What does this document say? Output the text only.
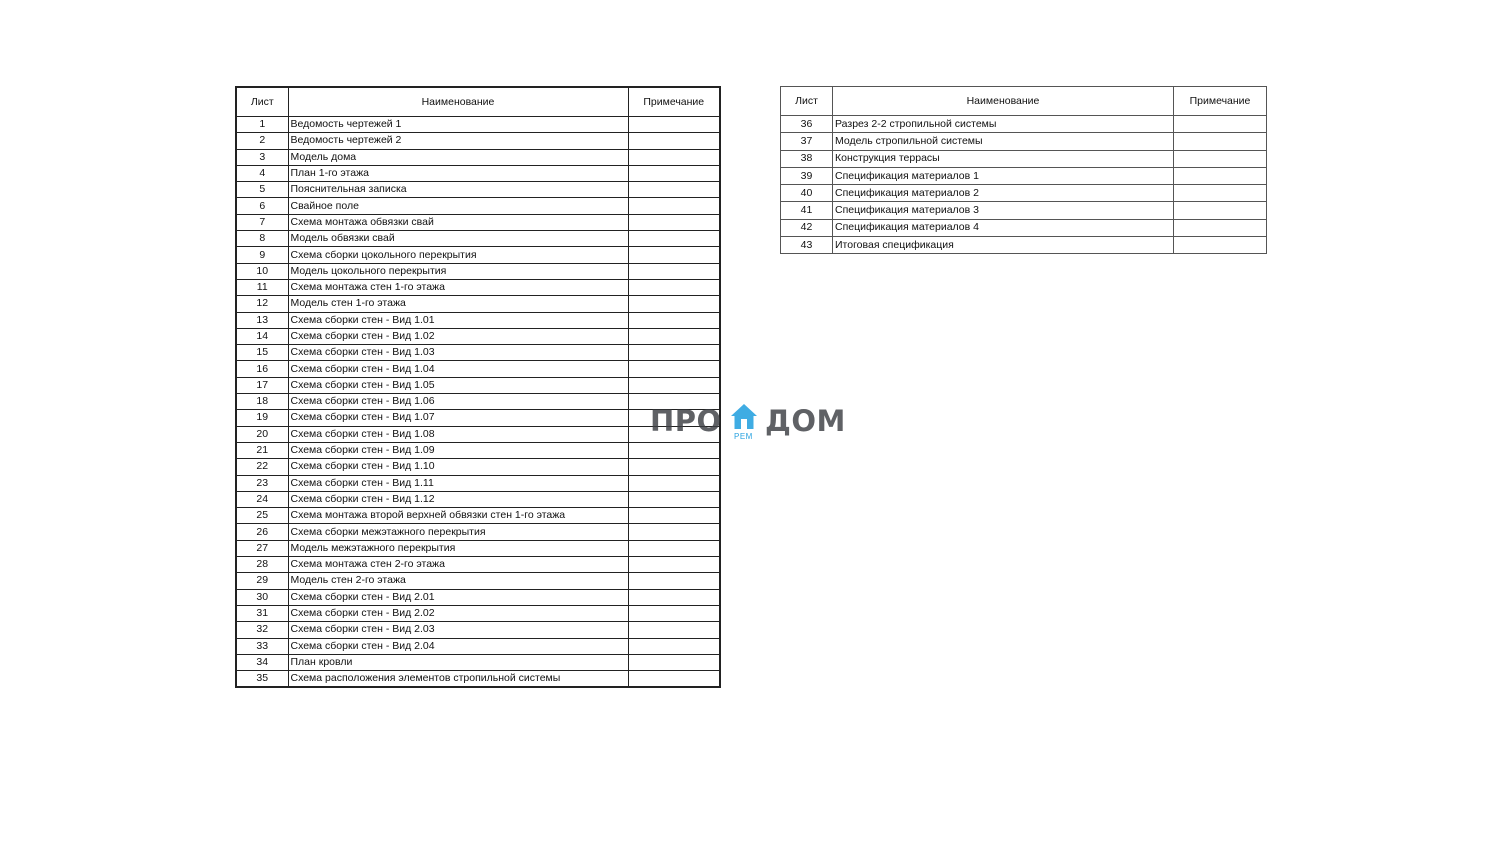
Лист	Наименование	Примечание
1	Ведомость чертежей 1	
2	Ведомость чертежей 2	
3	Модель дома	
4	План 1-го этажа	
5	Пояснительная записка	
6	Свайное поле	
7	Схема монтажа обвязки свай	
8	Модель обвязки свай	
9	Схема сборки цокольного перекрытия	
10	Модель цокольного перекрытия	
11	Схема монтажа стен 1-го этажа	
12	Модель стен 1-го этажа	
13	Схема сборки стен - Вид 1.01	
14	Схема сборки стен - Вид 1.02	
15	Схема сборки стен - Вид 1.03	
16	Схема сборки стен - Вид 1.04	
17	Схема сборки стен - Вид 1.05	
18	Схема сборки стен - Вид 1.06	
19	Схема сборки стен - Вид 1.07	
20	Схема сборки стен - Вид 1.08	
21	Схема сборки стен - Вид 1.09	
22	Схема сборки стен - Вид 1.10	
23	Схема сборки стен - Вид 1.11	
24	Схема сборки стен - Вид 1.12	
25	Схема монтажа второй верхней обвязки стен 1-го этажа	
26	Схема сборки межэтажного перекрытия	
27	Модель межэтажного перекрытия	
28	Схема монтажа стен 2-го этажа	
29	Модель стен 2-го этажа	
30	Схема сборки стен - Вид 2.01	
31	Схема сборки стен - Вид 2.02	
32	Схема сборки стен - Вид 2.03	
33	Схема сборки стен - Вид 2.04	
34	План кровли	
35	Схема расположения элементов стропильной системы	
Лист	Наименование	Примечание
36	Разрез 2-2 стропильной системы	
37	Модель стропильной системы	
38	Конструкция террасы	
39	Спецификация материалов 1	
40	Спецификация материалов 2	
41	Спецификация материалов 3	
42	Спецификация материалов 4	
43	Итоговая спецификация	
ПРО РЕМ ДОМ
